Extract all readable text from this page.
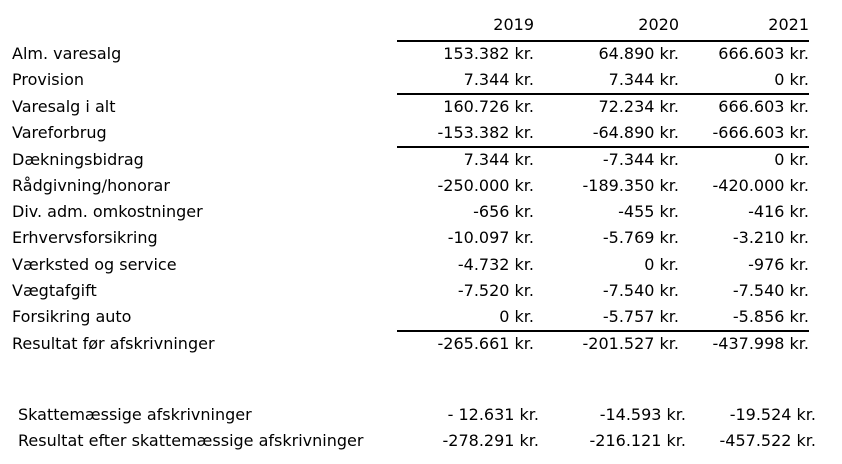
2019	2020	2021
Alm. varesalg	153.382 kr.	64.890 kr.	666.603 kr.
Provision	7.344 kr.	7.344 kr.	0 kr.
Varesalg i alt	160.726 kr.	72.234 kr.	666.603 kr.
Vareforbrug	-153.382 kr.	-64.890 kr.	-666.603 kr.
Dækningsbidrag	7.344 kr.	-7.344 kr.	0 kr.
Rådgivning/honorar	-250.000 kr.	-189.350 kr.	-420.000 kr.
Div. adm. omkostninger	-656 kr.	-455 kr.	-416 kr.
Erhvervsforsikring	-10.097 kr.	-5.769 kr.	-3.210 kr.
Værksted og service	-4.732 kr.	0 kr.	-976 kr.
Vægtafgift	-7.520 kr.	-7.540 kr.	-7.540 kr.
Forsikring auto	0 kr.	-5.757 kr.	-5.856 kr.
Resultat før afskrivninger	-265.661 kr.	-201.527 kr.	-437.998 kr.
Skattemæssige afskrivninger	- 12.631 kr.	-14.593 kr.	-19.524 kr.
Resultat efter skattemæssige afskrivninger	-278.291 kr.	-216.121 kr.	-457.522 kr.
